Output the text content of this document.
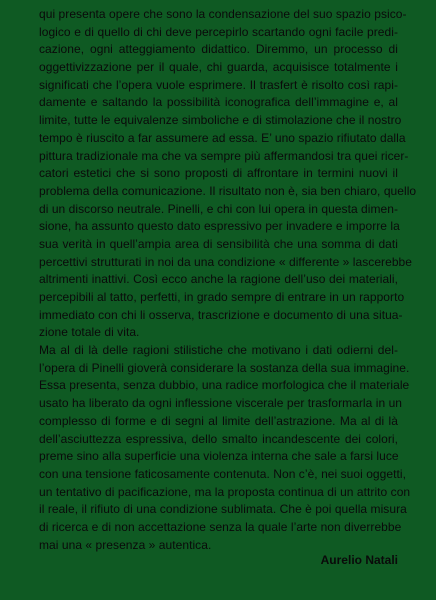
qui presenta opere che sono la condensazione del suo spazio psico-
logico e di quello di chi deve percepirlo scartando ogni facile predi-
cazione, ogni atteggiamento didattico. Diremmo, un processo di
oggettivizzazione per il quale, chi guarda, acquisisce totalmente i
significati che l’opera vuole esprimere. Il trasfert è risolto così rapi-
damente e saltando la possibilità iconografica dell’immagine e, al
limite, tutte le equivalenze simboliche e di stimolazione che il nostro
tempo è riuscito a far assumere ad essa. E’ uno spazio rifiutato dalla
pittura tradizionale ma che va sempre più affermandosi tra quei ricer-
catori estetici che si sono proposti di affrontare in termini nuovi il
problema della comunicazione. Il risultato non è, sia ben chiaro, quello
di un discorso neutrale. Pinelli, e chi con lui opera in questa dimen-
sione, ha assunto questo dato espressivo per invadere e imporre la
sua verità in quell’ampia area di sensibilità che una somma di dati
percettivi strutturati in noi da una condizione « differente » lascerebbe
altrimenti inattivi. Così ecco anche la ragione dell’uso dei materiali,
percepibili al tatto, perfetti, in grado sempre di entrare in un rapporto
immediato con chi li osserva, trascrizione e documento di una situa-
zione totale di vita.
Ma al di là delle ragioni stilistiche che motivano i dati odierni del-
l’opera di Pinelli gioverà considerare la sostanza della sua immagine.
Essa presenta, senza dubbio, una radice morfologica che il materiale
usato ha liberato da ogni inflessione viscerale per trasformarla in un
complesso di forme e di segni al limite dell’astrazione. Ma al di là
dell’asciuttezza espressiva, dello smalto incandescente dei colori,
preme sino alla superficie una violenza interna che sale a farsi luce
con una tensione faticosamente contenuta. Non c’è, nei suoi oggetti,
un tentativo di pacificazione, ma la proposta continua di un attrito con
il reale, il rifiuto di una condizione sublimata. Che è poi quella misura
di ricerca e di non accettazione senza la quale l’arte non diverrebbe
mai una « presenza » autentica.
Aurelio Natali
